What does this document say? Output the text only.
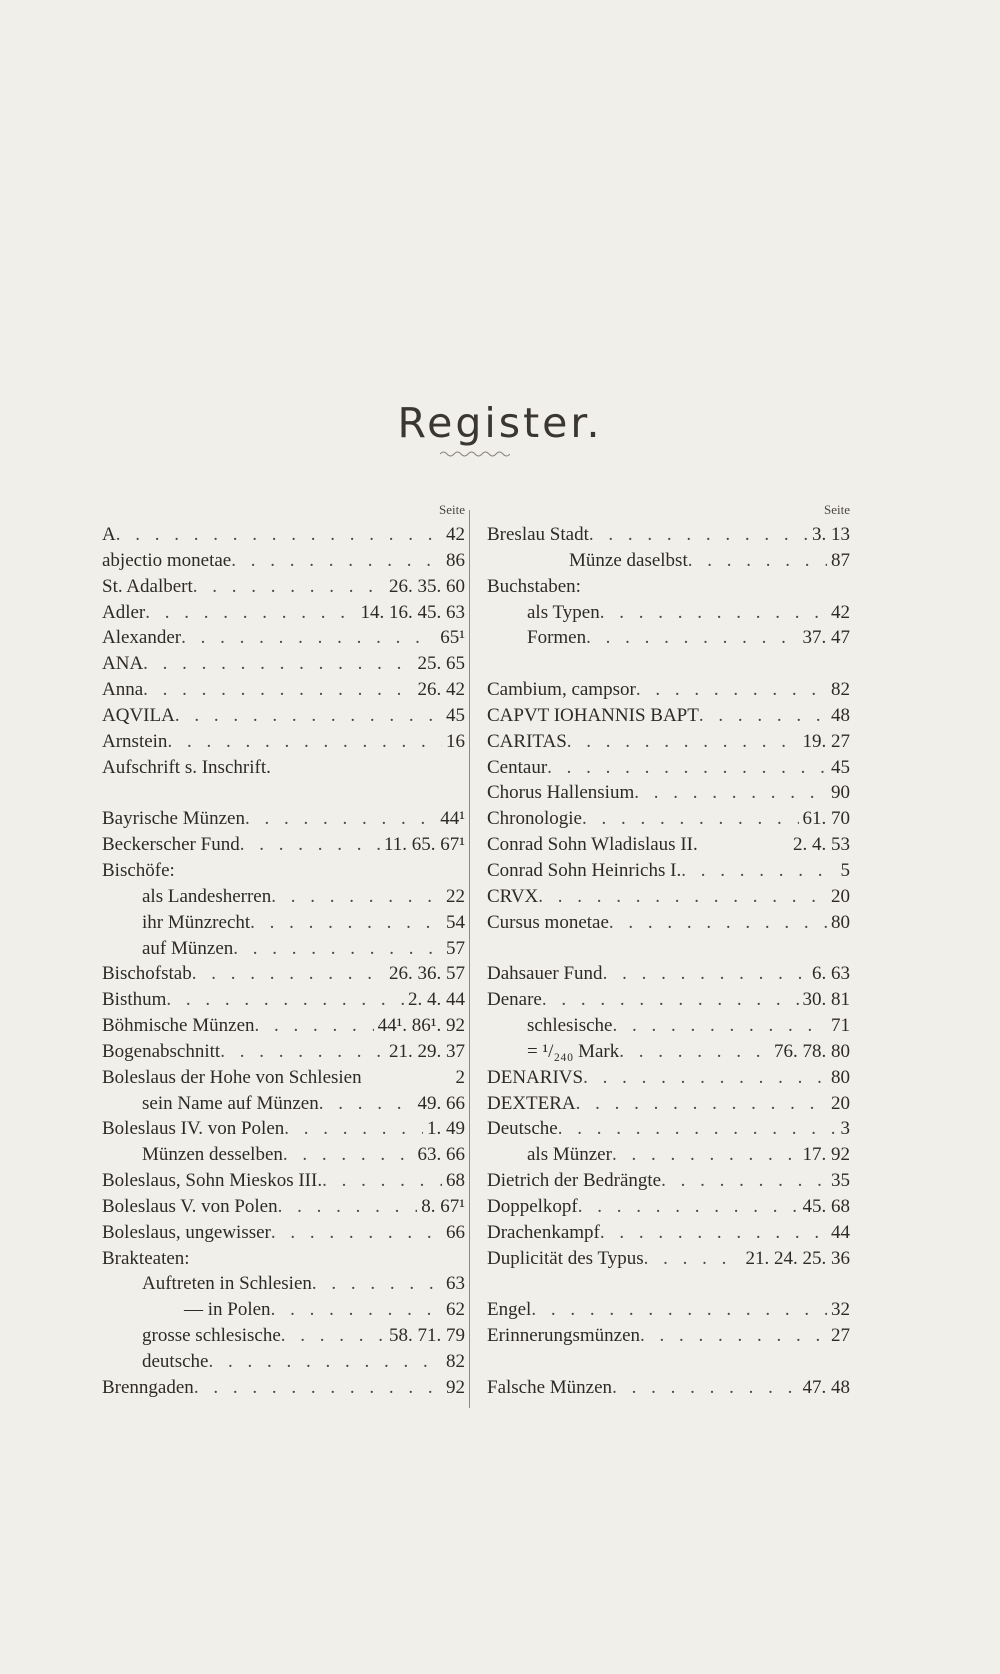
Register.
Seite
A . . .	42
abjectio monetae . . .	86
St. Adalbert . . .	26. 35. 60
Adler . . .	14. 16. 45. 63
Alexander . . .	65¹
ANA . . .	25. 65
Anna . . .	26. 42
AQVILA . . .	45
Arnstein . . .	16
Aufschrift s. Inschrift.
Bayrische Münzen . . .	44¹
Beckerscher Fund . . .	11. 65. 67¹
Bischöfe:
als Landesherren . . .	22
ihr Münzrecht . . .	54
auf Münzen . . .	57
Bischofstab . . .	26. 36. 57
Bisthum . . .	2. 4. 44
Böhmische Münzen . . .	44¹. 86¹. 92
Bogenabschnitt . . .	21. 29. 37
Boleslaus der Hohe von Schlesien	2
sein Name auf Münzen . . .	49. 66
Boleslaus IV. von Polen . . .	1. 49
Münzen desselben . . .	63. 66
Boleslaus, Sohn Mieskos III. . . .	68
Boleslaus V. von Polen . . .	8. 67¹
Boleslaus, ungewisser . . .	66
Brakteaten:
Auftreten in Schlesien . . .	63
— in Polen . . .	62
grosse schlesische . . .	58. 71. 79
deutsche . . .	82
Brenngaden . . .	92
Seite
Breslau Stadt . . .	3. 13
Münze daselbst . . .	87
Buchstaben:
als Typen . . .	42
Formen . . .	37. 47
Cambium, campsor . . .	82
CAPVT IOHANNIS BAPT . . .	48
CARITAS . . .	19. 27
Centaur . . .	45
Chorus Hallensium . . .	90
Chronologie . . .	61. 70
Conrad Sohn Wladislaus II.	2. 4. 53
Conrad Sohn Heinrichs I. . . .	5
CRVX . . .	20
Cursus monetae . . .	80
Dahsauer Fund . . .	6. 63
Denare . . .	30. 81
schlesische . . .	71
= ¹/₂₄₀ Mark . . .	76. 78. 80
DENARIVS . . .	80
DEXTERA . . .	20
Deutsche . . .	3
als Münzer . . .	17. 92
Dietrich der Bedrängte . . .	35
Doppelkopf . . .	45. 68
Drachenkampf . . .	44
Duplicität des Typus . . .	21. 24. 25. 36
Engel . . .	32
Erinnerungsmünzen . . .	27
Falsche Münzen . . .	47. 48
